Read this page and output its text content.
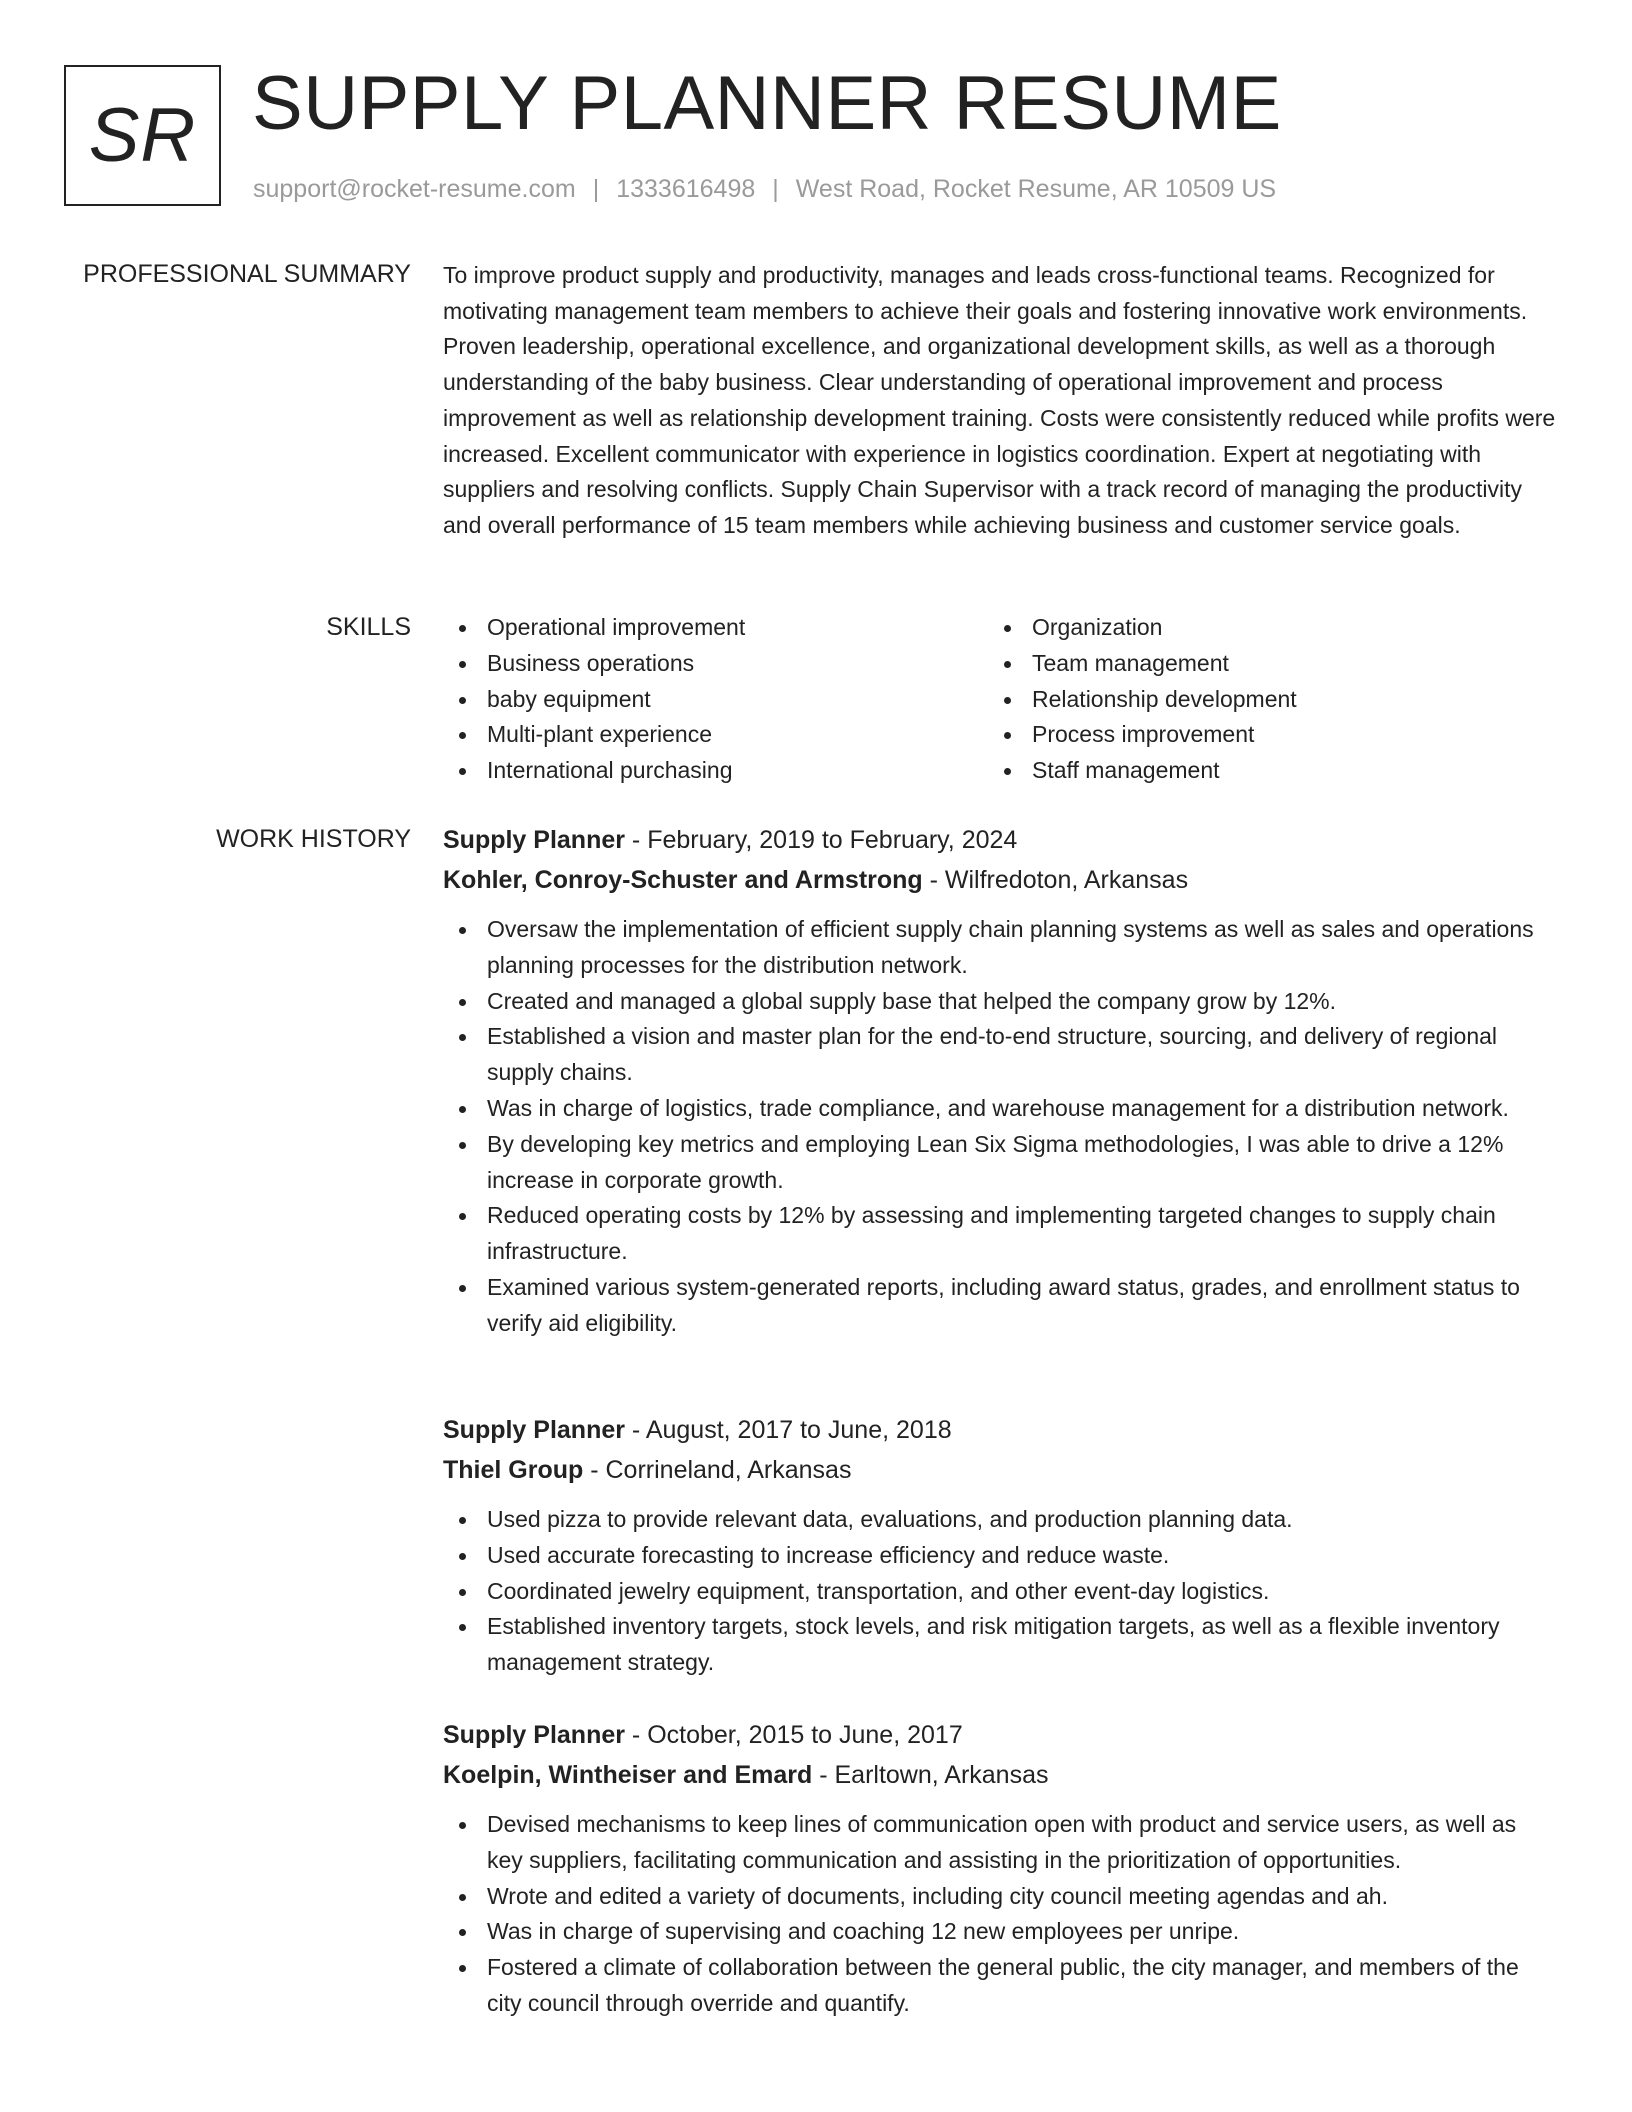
SR SUPPLY PLANNER RESUME
support@rocket-resume.com | 1333616498 | West Road, Rocket Resume, AR 10509 US
PROFESSIONAL SUMMARY To improve product supply and productivity, manages and leads cross-functional teams. Recognized for motivating management team members to achieve their goals and fostering innovative work environments. Proven leadership, operational excellence, and organizational development skills, as well as a thorough understanding of the baby business. Clear understanding of operational improvement and process improvement as well as relationship development training. Costs were consistently reduced while profits were increased. Excellent communicator with experience in logistics coordination. Expert at negotiating with suppliers and resolving conflicts. Supply Chain Supervisor with a track record of managing the productivity and overall performance of 15 team members while achieving business and customer service goals.

SKILLS	Operational improvement
Business operations
baby equipment
Multi-plant experience
International purchasing
Organization
Team management
Relationship development
Process improvement
Staff management
WORK HISTORY Supply Planner - February, 2019 to February, 2024
Kohler, Conroy-Schuster and Armstrong - Wilfredoton, Arkansas
Oversaw the implementation of efficient supply chain planning systems as well as sales and operations planning processes for the distribution network.
Created and managed a global supply base that helped the company grow by 12%.
Established a vision and master plan for the end-to-end structure, sourcing, and delivery of regional supply chains.
Was in charge of logistics, trade compliance, and warehouse management for a distribution network.
By developing key metrics and employing Lean Six Sigma methodologies, I was able to drive a 12% increase in corporate growth.
Reduced operating costs by 12% by assessing and implementing targeted changes to supply chain infrastructure.
Examined various system-generated reports, including award status, grades, and enrollment status to verify aid eligibility.
Supply Planner - August, 2017 to June, 2018
Thiel Group - Corrineland, Arkansas
Used pizza to provide relevant data, evaluations, and production planning data.
Used accurate forecasting to increase efficiency and reduce waste.
Coordinated jewelry equipment, transportation, and other event-day logistics.
Established inventory targets, stock levels, and risk mitigation targets, as well as a flexible inventory management strategy.
Supply Planner - October, 2015 to June, 2017
Koelpin, Wintheiser and Emard - Earltown, Arkansas
Devised mechanisms to keep lines of communication open with product and service users, as well as key suppliers, facilitating communication and assisting in the prioritization of opportunities.
Wrote and edited a variety of documents, including city council meeting agendas and ah.
Was in charge of supervising and coaching 12 new employees per unripe.
Fostered a climate of collaboration between the general public, the city manager, and members of the city council through override and quantify.
